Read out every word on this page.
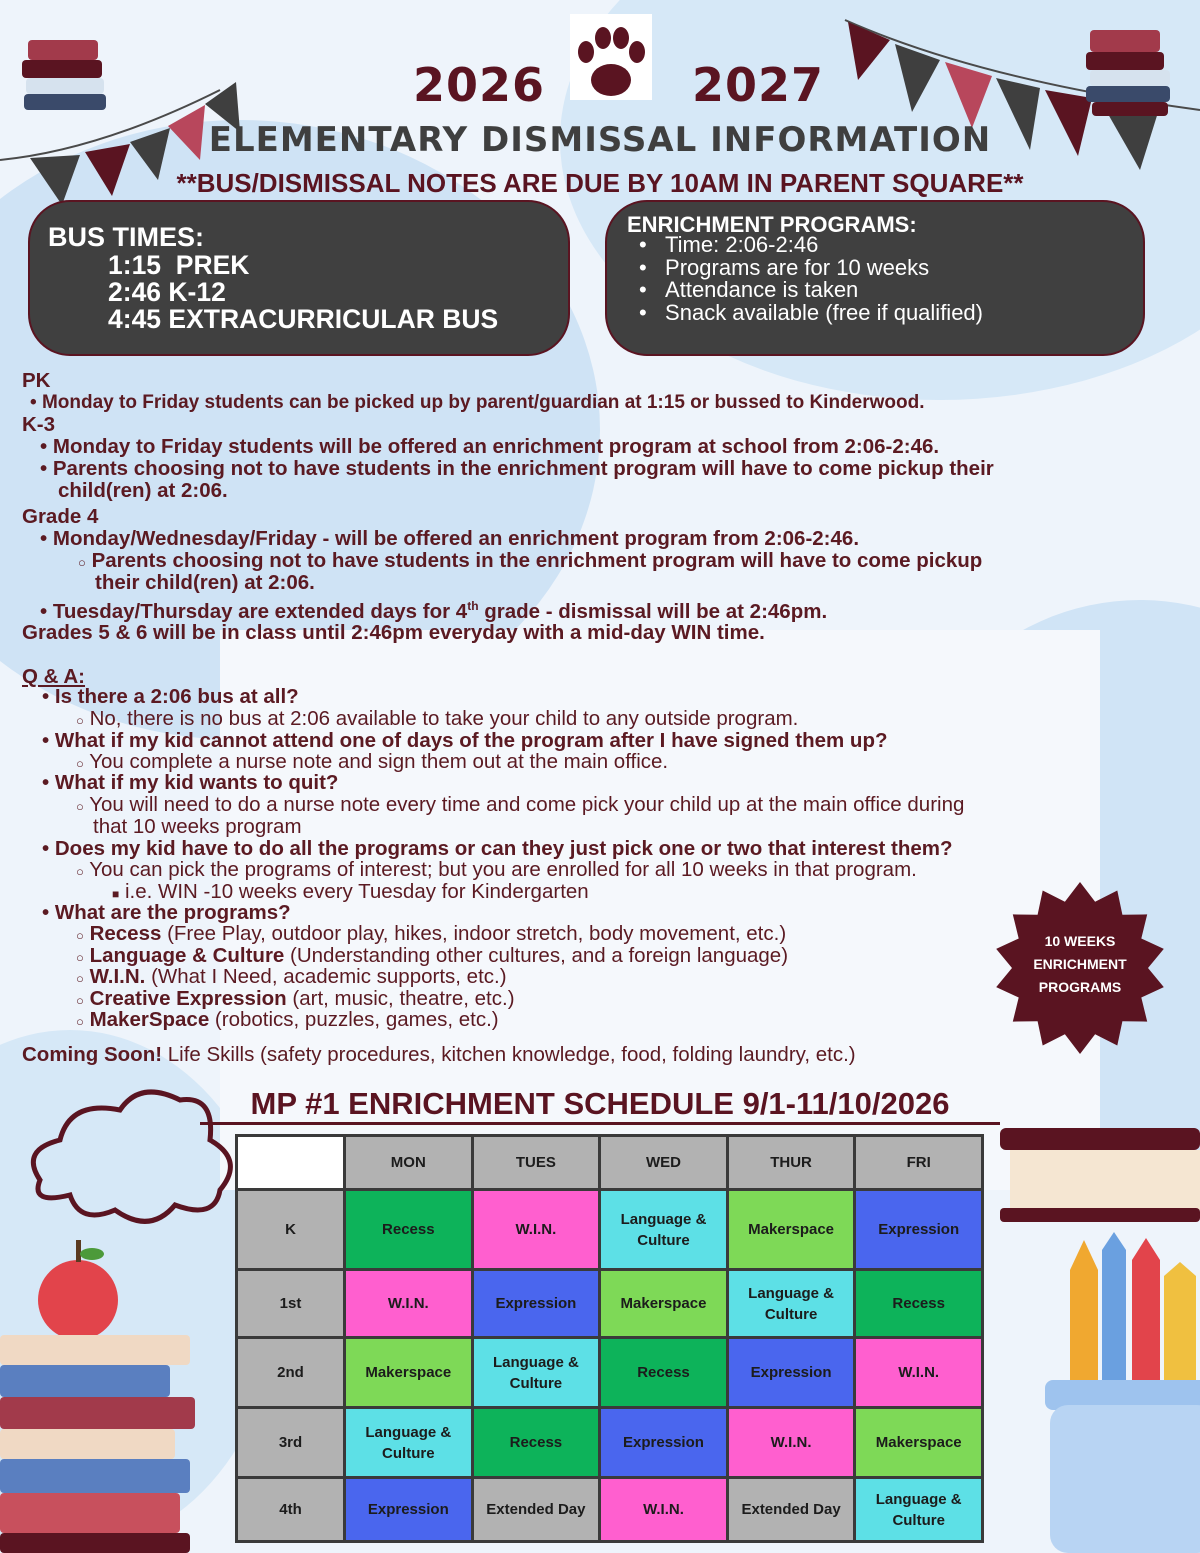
2026	2027
ELEMENTARY DISMISSAL INFORMATION
**BUS/DISMISSAL NOTES ARE DUE BY 10AM IN PARENT SQUARE**
BUS TIMES:
1:15  PREK
2:46 K-12
4:45 EXTRACURRICULAR BUS
ENRICHMENT PROGRAMS:
•   Time: 2:06-2:46
•   Programs are for 10 weeks
•   Attendance is taken
•   Snack available (free if qualified)
PK
• Monday to Friday students can be picked up by parent/guardian at 1:15 or bussed to Kinderwood.
K-3
• Monday to Friday students will be offered an enrichment program at school from 2:06-2:46.
• Parents choosing not to have students in the enrichment program will have to come pickup their
child(ren) at 2:06.
Grade 4
• Monday/Wednesday/Friday - will be offered an enrichment program from 2:06-2:46.
○ Parents choosing not to have students in the enrichment program will have to come pickup
their child(ren) at 2:06.
• Tuesday/Thursday are extended days for 4th grade - dismissal will be at 2:46pm.
Grades 5 & 6 will be in class until 2:46pm everyday with a mid-day WIN time.
Q & A:
• Is there a 2:06 bus at all?
○ No, there is no bus at 2:06 available to take your child to any outside program.
• What if my kid cannot attend one of days of the program after I have signed them up?
○ You complete a nurse note and sign them out at the main office.
• What if my kid wants to quit?
○ You will need to do a nurse note every time and come pick your child up at the main office during
that 10 weeks program
• Does my kid have to do all the programs or can they just pick one or two that interest them?
○ You can pick the programs of interest; but you are enrolled for all 10 weeks in that program.
■ i.e. WIN -10 weeks every Tuesday for Kindergarten
• What are the programs?
○ Recess (Free Play, outdoor play, hikes, indoor stretch, body movement, etc.)
○ Language & Culture (Understanding other cultures, and a foreign language)
○ W.I.N. (What I Need, academic supports, etc.)
○ Creative Expression (art, music, theatre, etc.)
○ MakerSpace (robotics, puzzles, games, etc.)
Coming Soon! Life Skills (safety procedures, kitchen knowledge, food, folding laundry, etc.)
10 WEEKS
ENRICHMENT
PROGRAMS
MP #1 ENRICHMENT SCHEDULE 9/1-11/10/2026
	MON	TUES	WED	THUR	FRI
K	Recess	W.I.N.	Language & Culture	Makerspace	Expression
1st	W.I.N.	Expression	Makerspace	Language & Culture	Recess
2nd	Makerspace	Language & Culture	Recess	Expression	W.I.N.
3rd	Language & Culture	Recess	Expression	W.I.N.	Makerspace
4th	Expression	Extended Day	W.I.N.	Extended Day	Language & Culture
